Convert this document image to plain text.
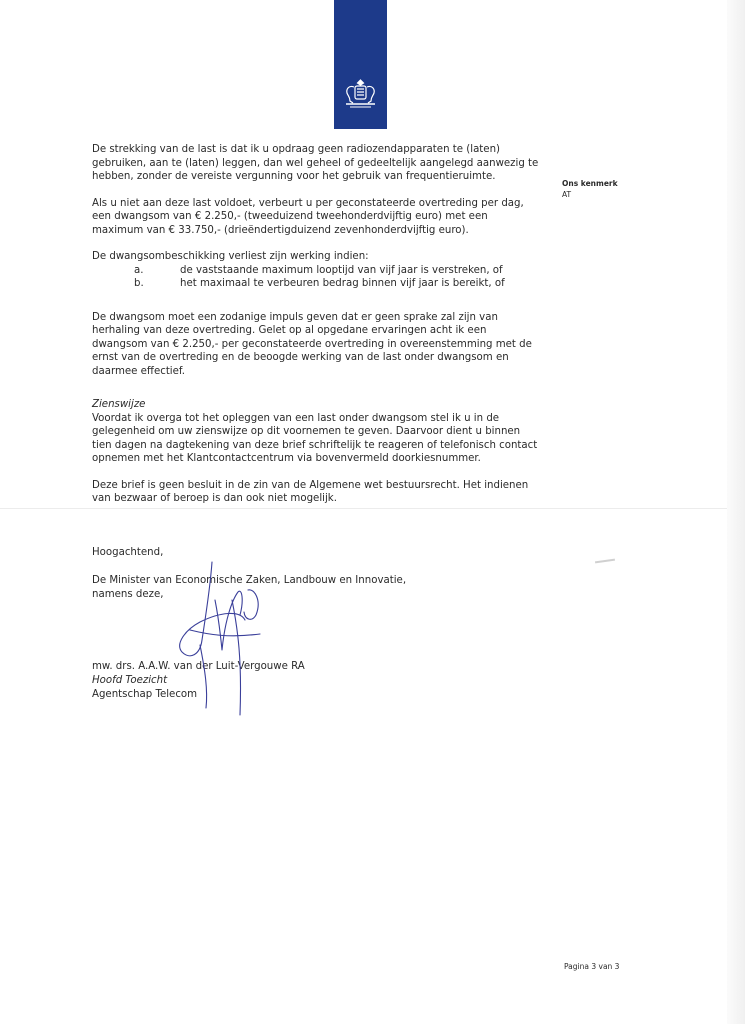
Ons kenmerk
AT

De strekking van de last is dat ik u opdraag geen radiozendapparaten te (laten) gebruiken, aan te (laten) leggen, dan wel geheel of gedeeltelijk aangelegd aanwezig te hebben, zonder de vereiste vergunning voor het gebruik van frequentieruimte.

Als u niet aan deze last voldoet, verbeurt u per geconstateerde overtreding per dag, een dwangsom van € 2.250,- (tweeduizend tweehonderdvijftig euro) met een maximum van € 33.750,- (drieëndertigduizend zevenhonderdvijftig euro).

De dwangsombeschikking verliest zijn werking indien:

a.	de vaststaande maximum looptijd van vijf jaar is verstreken, of
b.	het maximaal te verbeuren bedrag binnen vijf jaar is bereikt, of

De dwangsom moet een zodanige impuls geven dat er geen sprake zal zijn van herhaling van deze overtreding. Gelet op al opgedane ervaringen acht ik een dwangsom van € 2.250,- per geconstateerde overtreding in overeenstemming met de ernst van de overtreding en de beoogde werking van de last onder dwangsom en daarmee effectief.

Zienswijze
Voordat ik overga tot het opleggen van een last onder dwangsom stel ik u in de gelegenheid om uw zienswijze op dit voornemen te geven. Daarvoor dient u binnen tien dagen na dagtekening van deze brief schriftelijk te reageren of telefonisch contact opnemen met het Klantcontactcentrum via bovenvermeld doorkiesnummer.

Deze brief is geen besluit in de zin van de Algemene wet bestuursrecht. Het indienen van bezwaar of beroep is dan ook niet mogelijk.

Hoogachtend,
De Minister van Economische Zaken, Landbouw en Innovatie,
namens deze,
mw. drs. A.A.W. van der Luit-Vergouwe RA
Hoofd Toezicht
Agentschap Telecom
Pagina 3 van 3
